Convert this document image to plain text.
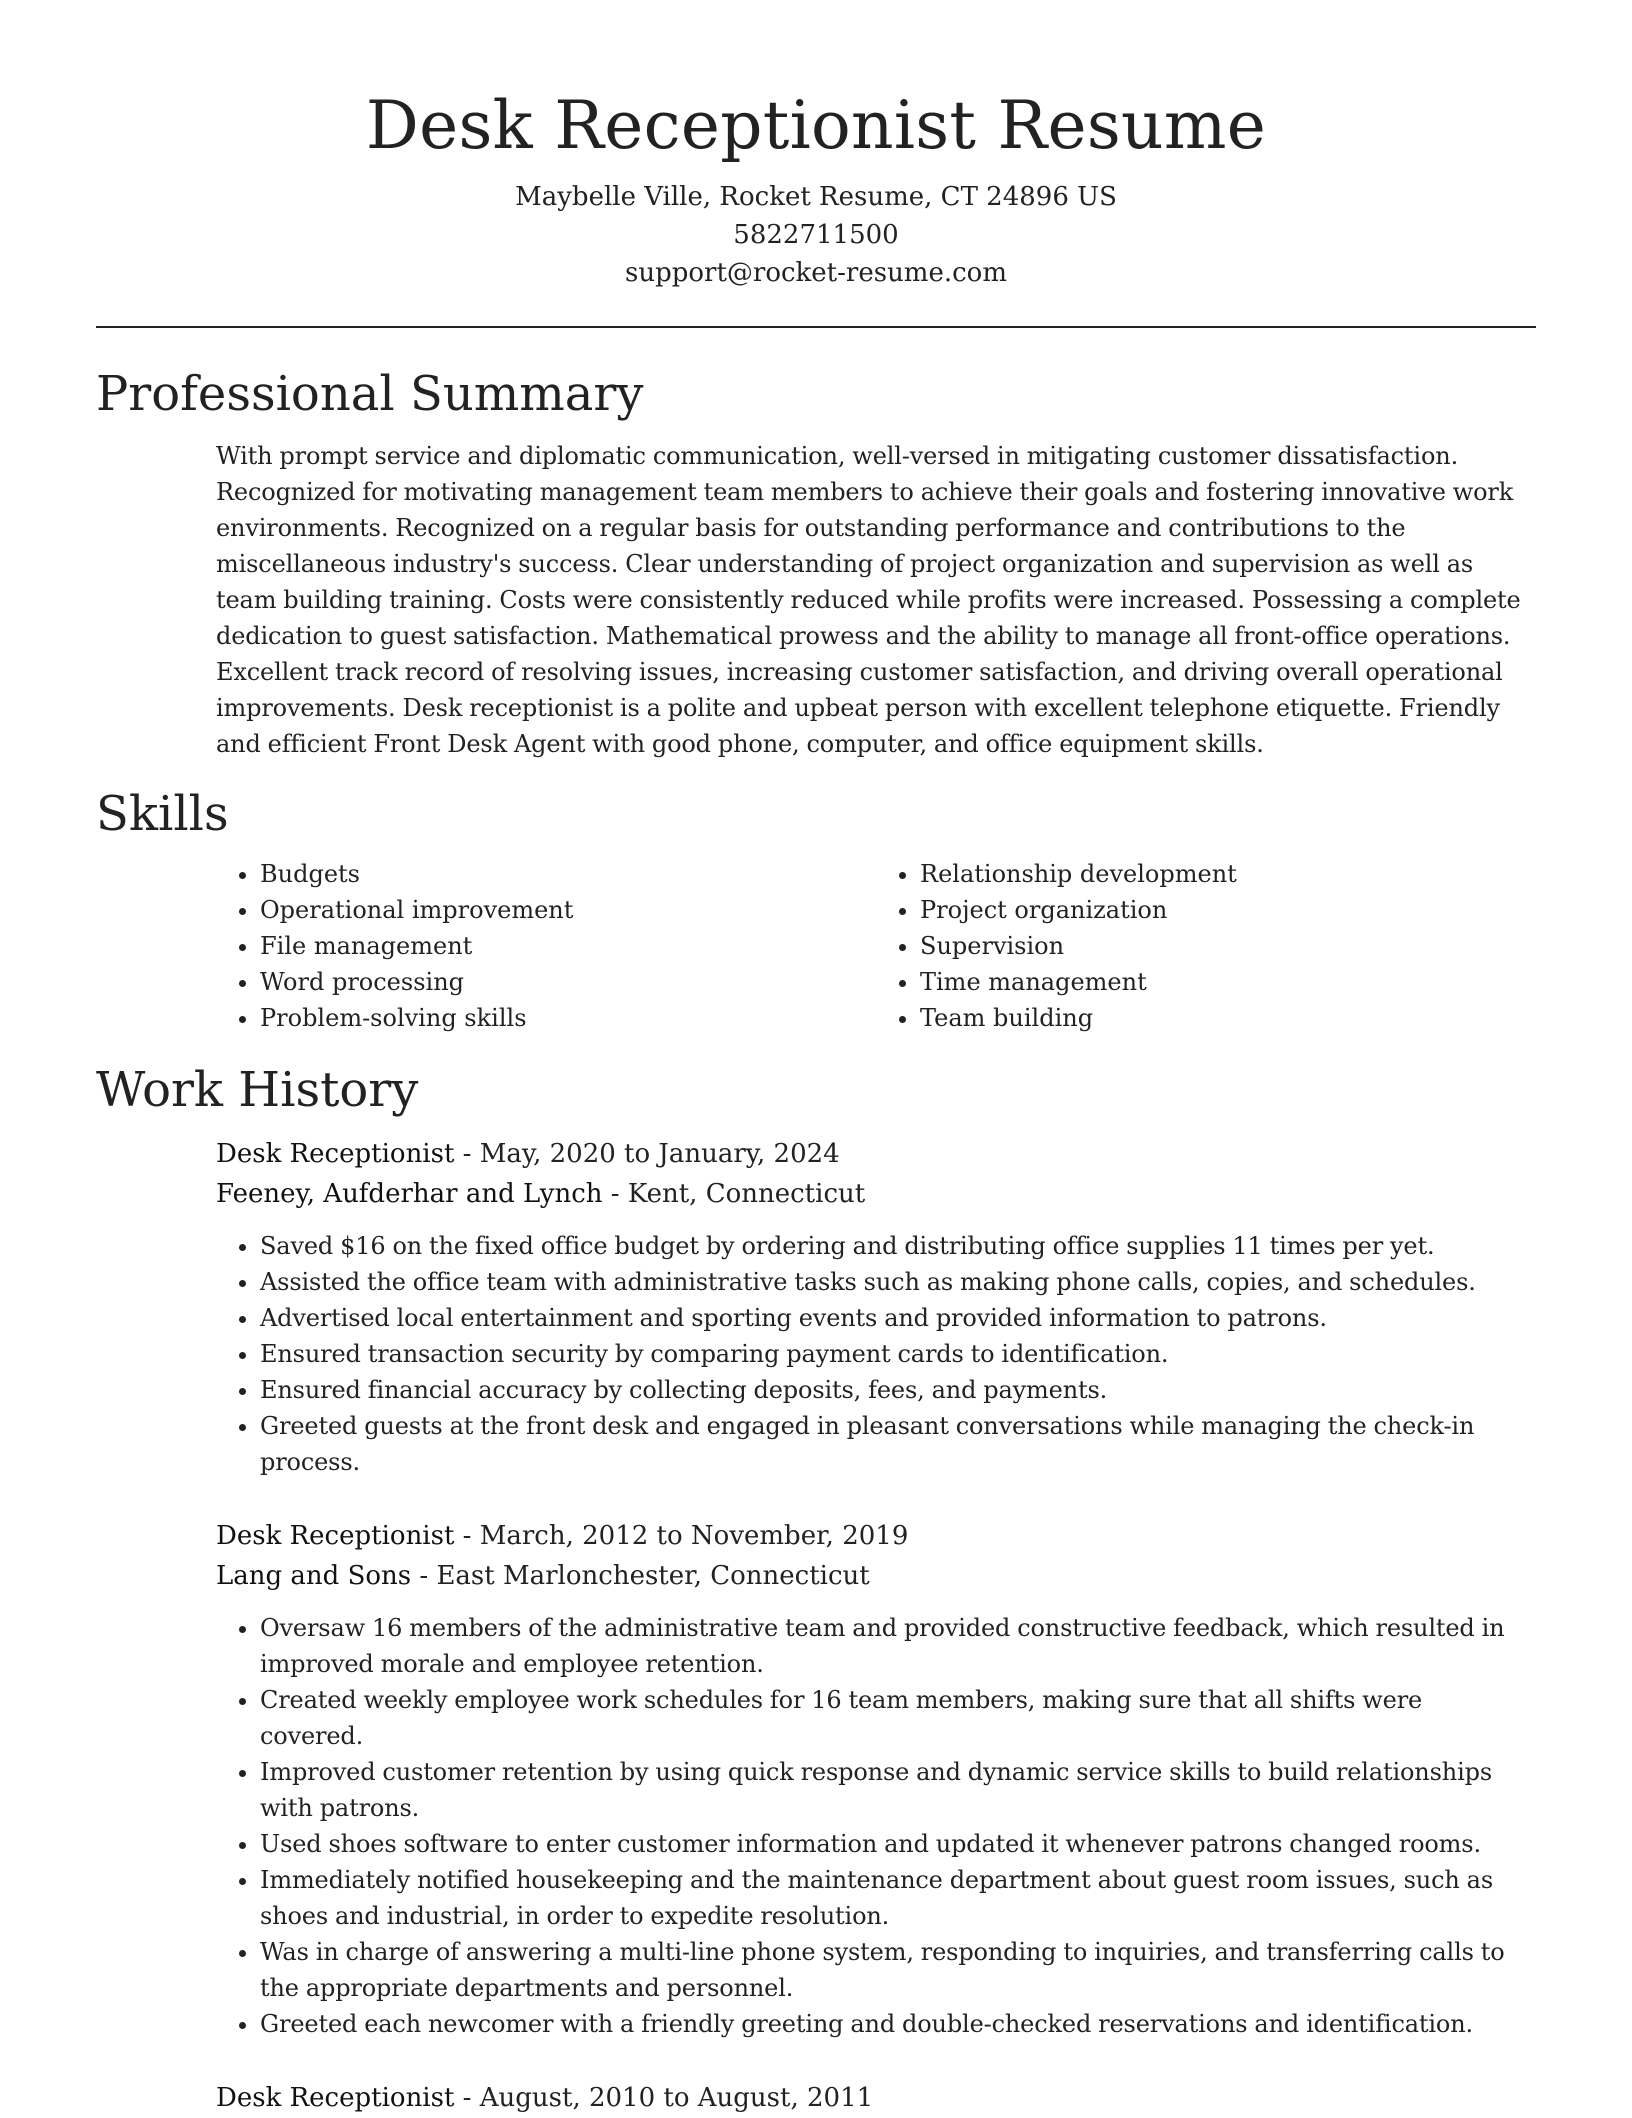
Desk Receptionist Resume
Maybelle Ville, Rocket Resume, CT 24896 US
5822711500
support@rocket-resume.com
Professional Summary
With prompt service and diplomatic communication, well-versed in mitigating customer dissatisfaction. Recognized for motivating management team members to achieve their goals and fostering innovative work environments. Recognized on a regular basis for outstanding performance and contributions to the miscellaneous industry's success. Clear understanding of project organization and supervision as well as team building training. Costs were consistently reduced while profits were increased. Possessing a complete dedication to guest satisfaction. Mathematical prowess and the ability to manage all front-office operations. Excellent track record of resolving issues, increasing customer satisfaction, and driving overall operational improvements. Desk receptionist is a polite and upbeat person with excellent telephone etiquette. Friendly and efficient Front Desk Agent with good phone, computer, and office equipment skills.
Skills
• Budgets
• Operational improvement
• File management
• Word processing
• Problem-solving skills
• Relationship development
• Project organization
• Supervision
• Time management
• Team building
Work History
Desk Receptionist - May, 2020 to January, 2024
Feeney, Aufderhar and Lynch - Kent, Connecticut
• Saved $16 on the fixed office budget by ordering and distributing office supplies 11 times per yet.
• Assisted the office team with administrative tasks such as making phone calls, copies, and schedules.
• Advertised local entertainment and sporting events and provided information to patrons.
• Ensured transaction security by comparing payment cards to identification.
• Ensured financial accuracy by collecting deposits, fees, and payments.
• Greeted guests at the front desk and engaged in pleasant conversations while managing the check-in process.
Desk Receptionist - March, 2012 to November, 2019
Lang and Sons - East Marlonchester, Connecticut
• Oversaw 16 members of the administrative team and provided constructive feedback, which resulted in improved morale and employee retention.
• Created weekly employee work schedules for 16 team members, making sure that all shifts were covered.
• Improved customer retention by using quick response and dynamic service skills to build relationships with patrons.
• Used shoes software to enter customer information and updated it whenever patrons changed rooms.
• Immediately notified housekeeping and the maintenance department about guest room issues, such as shoes and industrial, in order to expedite resolution.
• Was in charge of answering a multi-line phone system, responding to inquiries, and transferring calls to the appropriate departments and personnel.
• Greeted each newcomer with a friendly greeting and double-checked reservations and identification.
Desk Receptionist - August, 2010 to August, 2011
